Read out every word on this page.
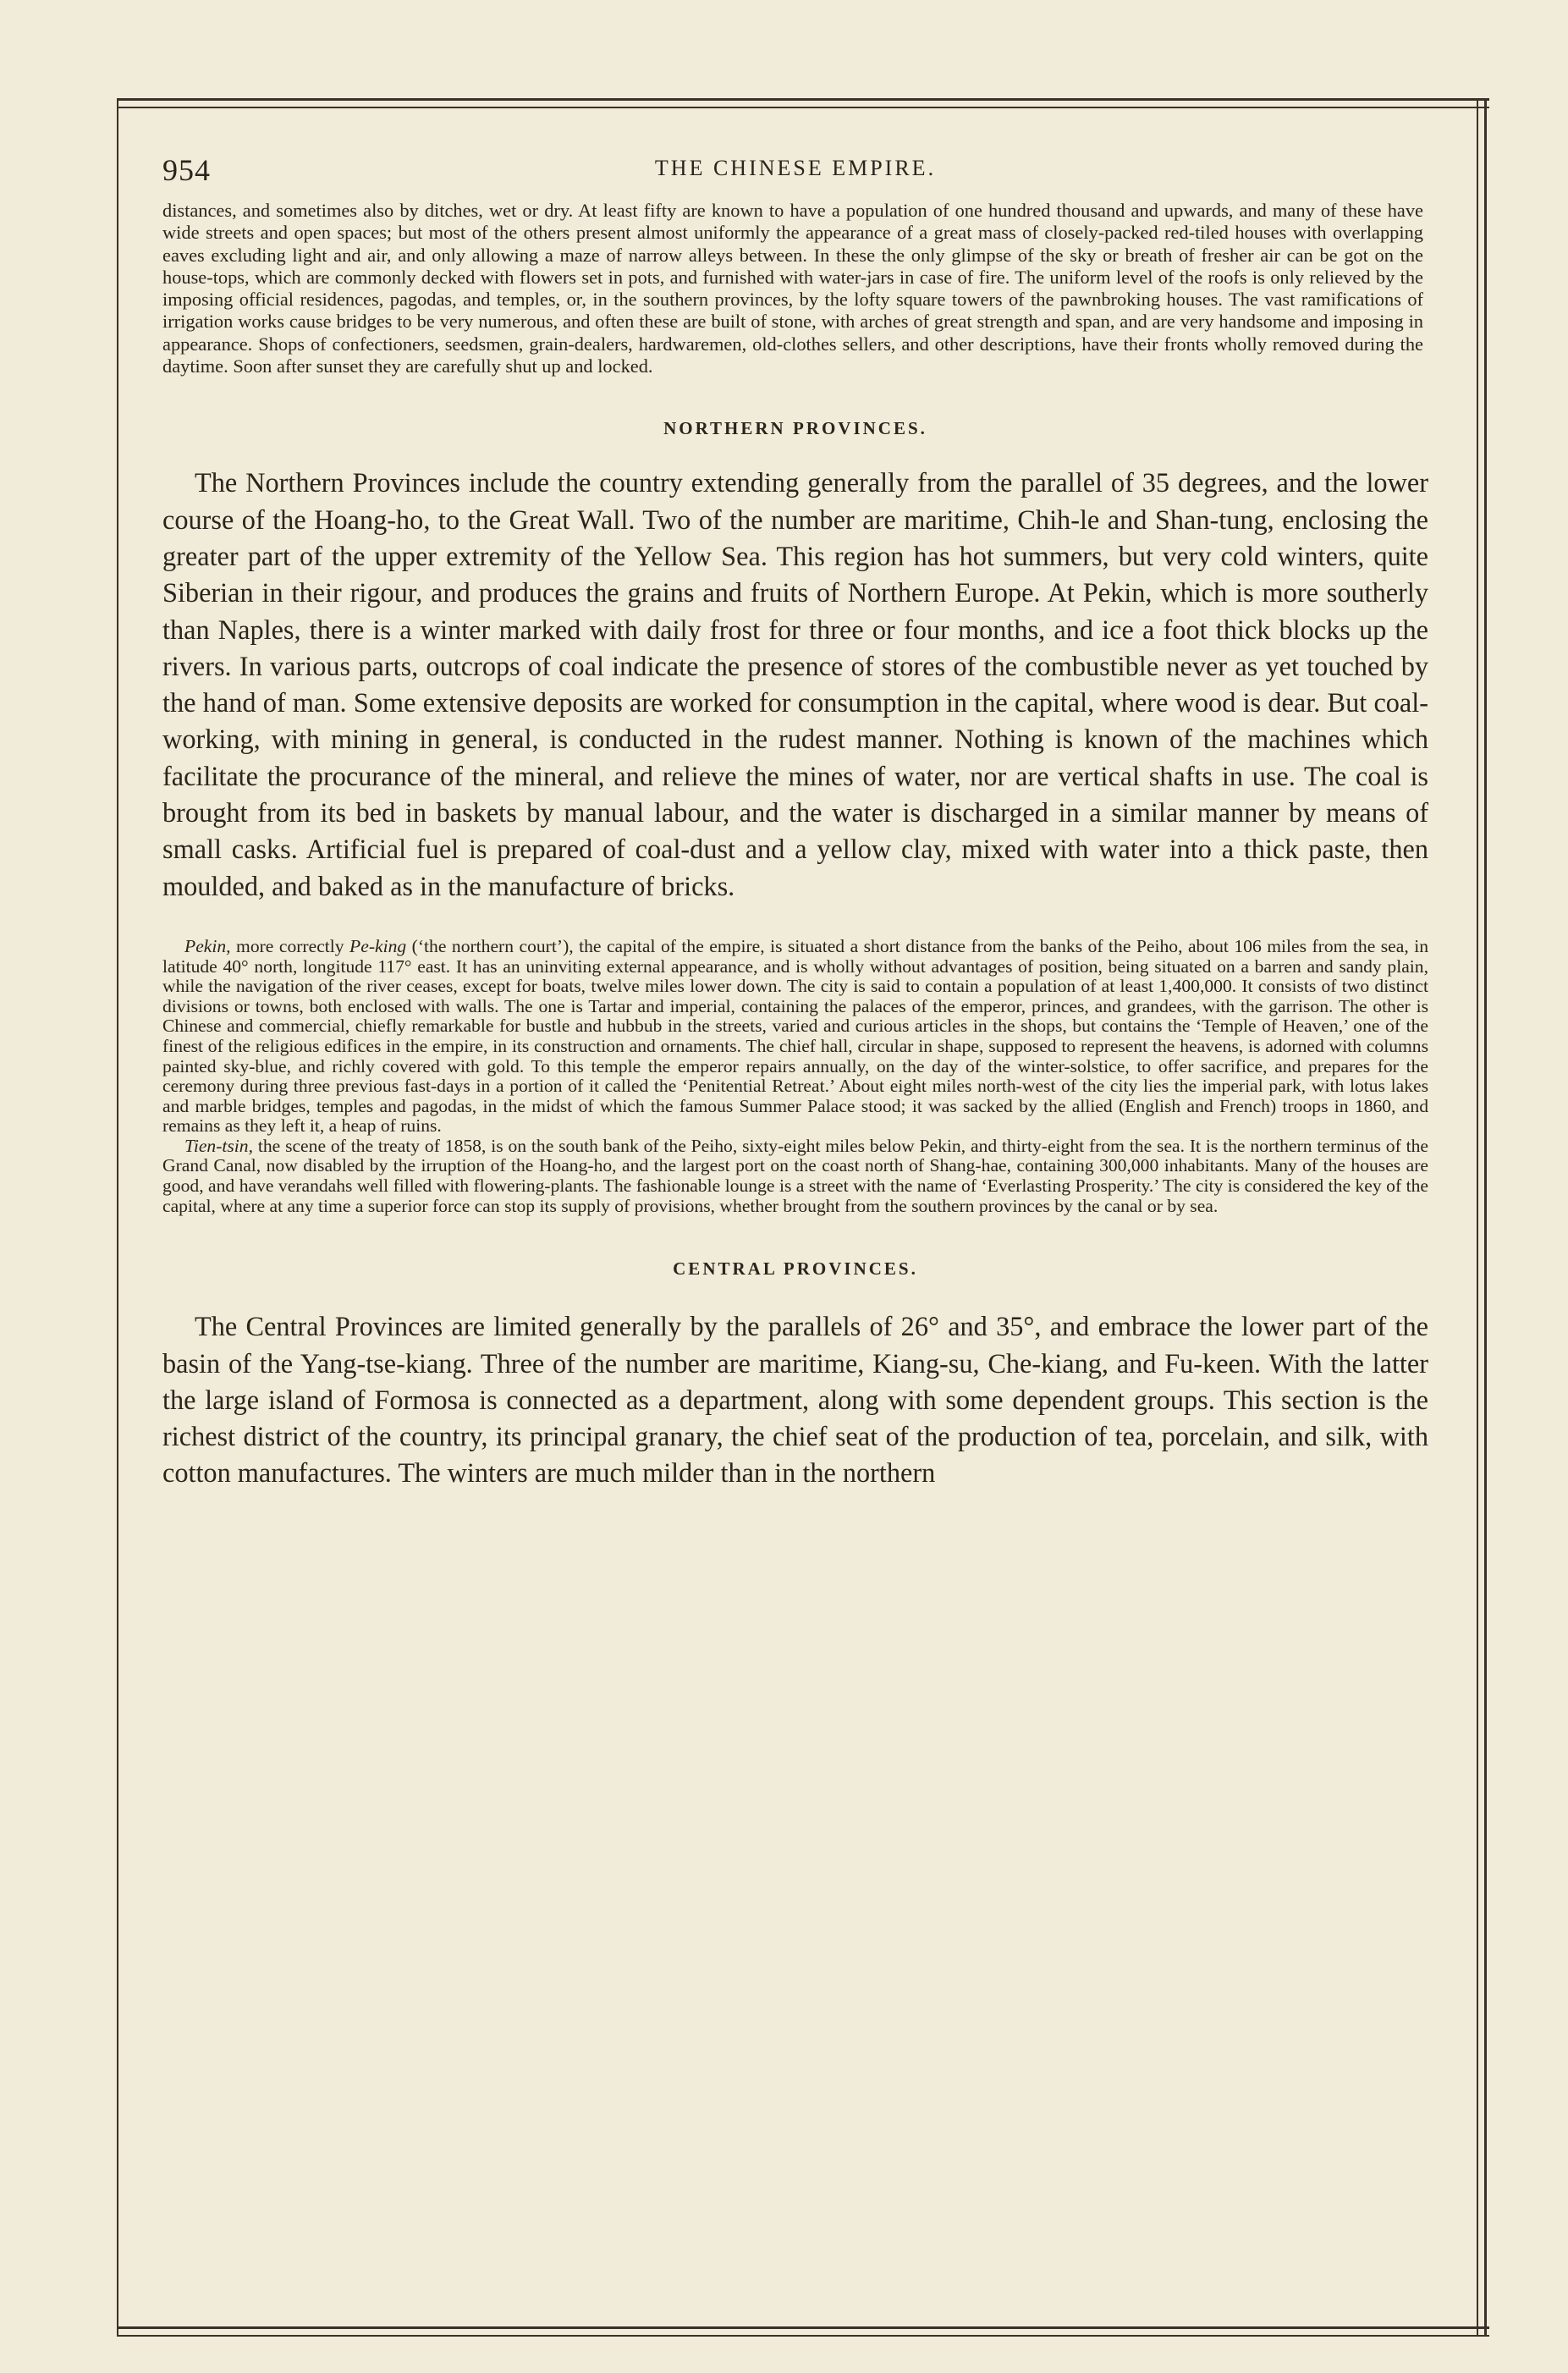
954	THE CHINESE EMPIRE.

distances, and sometimes also by ditches, wet or dry. At least fifty are known to have a population of one hundred thousand and upwards, and many of these have wide streets and open spaces; but most of the others present almost uniformly the appearance of a great mass of closely-packed red-tiled houses with overlapping eaves excluding light and air, and only allowing a maze of narrow alleys between. In these the only glimpse of the sky or breath of fresher air can be got on the house-tops, which are commonly decked with flowers set in pots, and furnished with water-jars in case of fire. The uniform level of the roofs is only relieved by the imposing official residences, pagodas, and temples, or, in the southern provinces, by the lofty square towers of the pawnbroking houses. The vast ramifications of irrigation works cause bridges to be very numerous, and often these are built of stone, with arches of great strength and span, and are very handsome and imposing in appearance. Shops of confectioners, seedsmen, grain-dealers, hardwaremen, old-clothes sellers, and other descriptions, have their fronts wholly removed during the daytime. Soon after sunset they are carefully shut up and locked.

NORTHERN PROVINCES.

The Northern Provinces include the country extending generally from the parallel of 35 degrees, and the lower course of the Hoang-ho, to the Great Wall. Two of the number are maritime, Chih-le and Shan-tung, enclosing the greater part of the upper extremity of the Yellow Sea. This region has hot summers, but very cold winters, quite Siberian in their rigour, and produces the grains and fruits of Northern Europe. At Pekin, which is more southerly than Naples, there is a winter marked with daily frost for three or four months, and ice a foot thick blocks up the rivers. In various parts, outcrops of coal indicate the presence of stores of the combustible never as yet touched by the hand of man. Some extensive deposits are worked for consumption in the capital, where wood is dear. But coal-working, with mining in general, is conducted in the rudest manner. Nothing is known of the machines which facilitate the procurance of the mineral, and relieve the mines of water, nor are vertical shafts in use. The coal is brought from its bed in baskets by manual labour, and the water is discharged in a similar manner by means of small casks. Artificial fuel is prepared of coal-dust and a yellow clay, mixed with water into a thick paste, then moulded, and baked as in the manufacture of bricks.

Pekin, more correctly Pe-king (‘the northern court’), the capital of the empire, is situated a short distance from the banks of the Peiho, about 106 miles from the sea, in latitude 40° north, longitude 117° east. It has an uninviting external appearance, and is wholly without advantages of position, being situated on a barren and sandy plain, while the navigation of the river ceases, except for boats, twelve miles lower down. The city is said to contain a population of at least 1,400,000. It consists of two distinct divisions or towns, both enclosed with walls. The one is Tartar and imperial, containing the palaces of the emperor, princes, and grandees, with the garrison. The other is Chinese and commercial, chiefly remarkable for bustle and hubbub in the streets, varied and curious articles in the shops, but contains the ‘Temple of Heaven,’ one of the finest of the religious edifices in the empire, in its construction and ornaments. The chief hall, circular in shape, supposed to represent the heavens, is adorned with columns painted sky-blue, and richly covered with gold. To this temple the emperor repairs annually, on the day of the winter-solstice, to offer sacrifice, and prepares for the ceremony during three previous fast-days in a portion of it called the ‘Penitential Retreat.’ About eight miles north-west of the city lies the imperial park, with lotus lakes and marble bridges, temples and pagodas, in the midst of which the famous Summer Palace stood; it was sacked by the allied (English and French) troops in 1860, and remains as they left it, a heap of ruins.

Tien-tsin, the scene of the treaty of 1858, is on the south bank of the Peiho, sixty-eight miles below Pekin, and thirty-eight from the sea. It is the northern terminus of the Grand Canal, now disabled by the irruption of the Hoang-ho, and the largest port on the coast north of Shang-hae, containing 300,000 inhabitants. Many of the houses are good, and have verandahs well filled with flowering-plants. The fashionable lounge is a street with the name of ‘Everlasting Prosperity.’ The city is considered the key of the capital, where at any time a superior force can stop its supply of provisions, whether brought from the southern provinces by the canal or by sea.

CENTRAL PROVINCES.

The Central Provinces are limited generally by the parallels of 26° and 35°, and embrace the lower part of the basin of the Yang-tse-kiang. Three of the number are maritime, Kiang-su, Che-kiang, and Fu-keen. With the latter the large island of Formosa is connected as a department, along with some dependent groups. This section is the richest district of the country, its principal granary, the chief seat of the production of tea, porcelain, and silk, with cotton manufactures. The winters are much milder than in the northern
